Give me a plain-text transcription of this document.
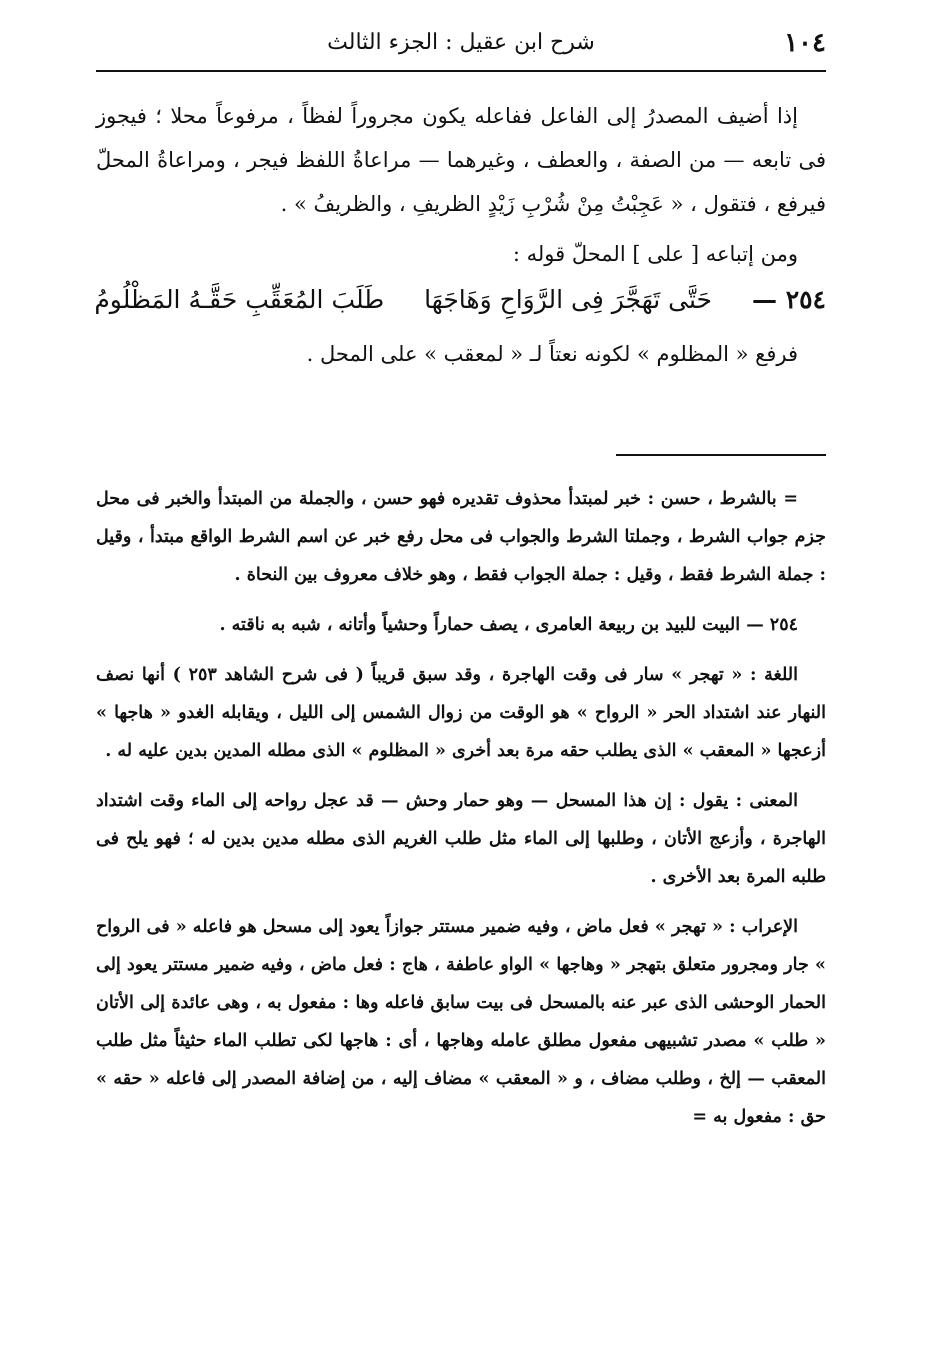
١٠٤
شرح ابن عقيل : الجزء الثالث

إذا أضيف المصدرُ إلى الفاعل ففاعله يكون مجروراً لفظاً ، مرفوعاً محلا ؛ فيجوز فى تابعه — من الصفة ، والعطف ، وغيرهما — مراعاةُ اللفظ فيجر ، ومراعاةُ المحلّ فيرفع ، فتقول ، « عَجِبْتُ مِنْ شُرْبِ زَيْدٍ الظريفِ ، والظريفُ » .

ومن إتباعه [ على ] المحلّ قوله :

٢٥٤ —
حَتَّى تَهَجَّرَ فِى الرَّوَاحِ وَهَاجَهَا
طَلَبَ المُعَقِّبِ حَقَّـهُ المَظْلُومُ

فرفع « المظلوم » لكونه نعتاً لـ « لمعقب » على المحل .

= بالشرط ، حسن : خبر لمبتدأ محذوف تقديره فهو حسن ، والجملة من المبتدأ والخبر فى محل جزم جواب الشرط ، وجملتا الشرط والجواب فى محل رفع خبر عن اسم الشرط الواقع مبتدأ ، وقيل : جملة الشرط فقط ، وقيل : جملة الجواب فقط ، وهو خلاف معروف بين النحاة .

٢٥٤ — البيت للبيد بن ربيعة العامرى ، يصف حماراً وحشياً وأتانه ، شبه به ناقته .

اللغة : « تهجر » سار فى وقت الهاجرة ، وقد سبق قريباً ( فى شرح الشاهد ٢٥٣ ) أنها نصف النهار عند اشتداد الحر « الرواح » هو الوقت من زوال الشمس إلى الليل ، ويقابله الغدو « هاجها » أزعجها « المعقب » الذى يطلب حقه مرة بعد أخرى « المظلوم » الذى مطله المدين بدين عليه له .

المعنى : يقول : إن هذا المسحل — وهو حمار وحش — قد عجل رواحه إلى الماء وقت اشتداد الهاجرة ، وأزعج الأتان ، وطلبها إلى الماء مثل طلب الغريم الذى مطله مدين بدين له ؛ فهو يلح فى طلبه المرة بعد الأخرى .

الإعراب : « تهجر » فعل ماض ، وفيه ضمير مستتر جوازاً يعود إلى مسحل هو فاعله « فى الرواح » جار ومجرور متعلق بتهجر « وهاجها » الواو عاطفة ، هاج : فعل ماض ، وفيه ضمير مستتر يعود إلى الحمار الوحشى الذى عبر عنه بالمسحل فى بيت سابق فاعله وها : مفعول به ، وهى عائدة إلى الأتان « طلب » مصدر تشبيهى مفعول مطلق عامله وهاجها ، أى : هاجها لكى تطلب الماء حثيثاً مثل طلب المعقب — إلخ ، وطلب مضاف ، و « المعقب » مضاف إليه ، من إضافة المصدر إلى فاعله « حقه » حق : مفعول به =
